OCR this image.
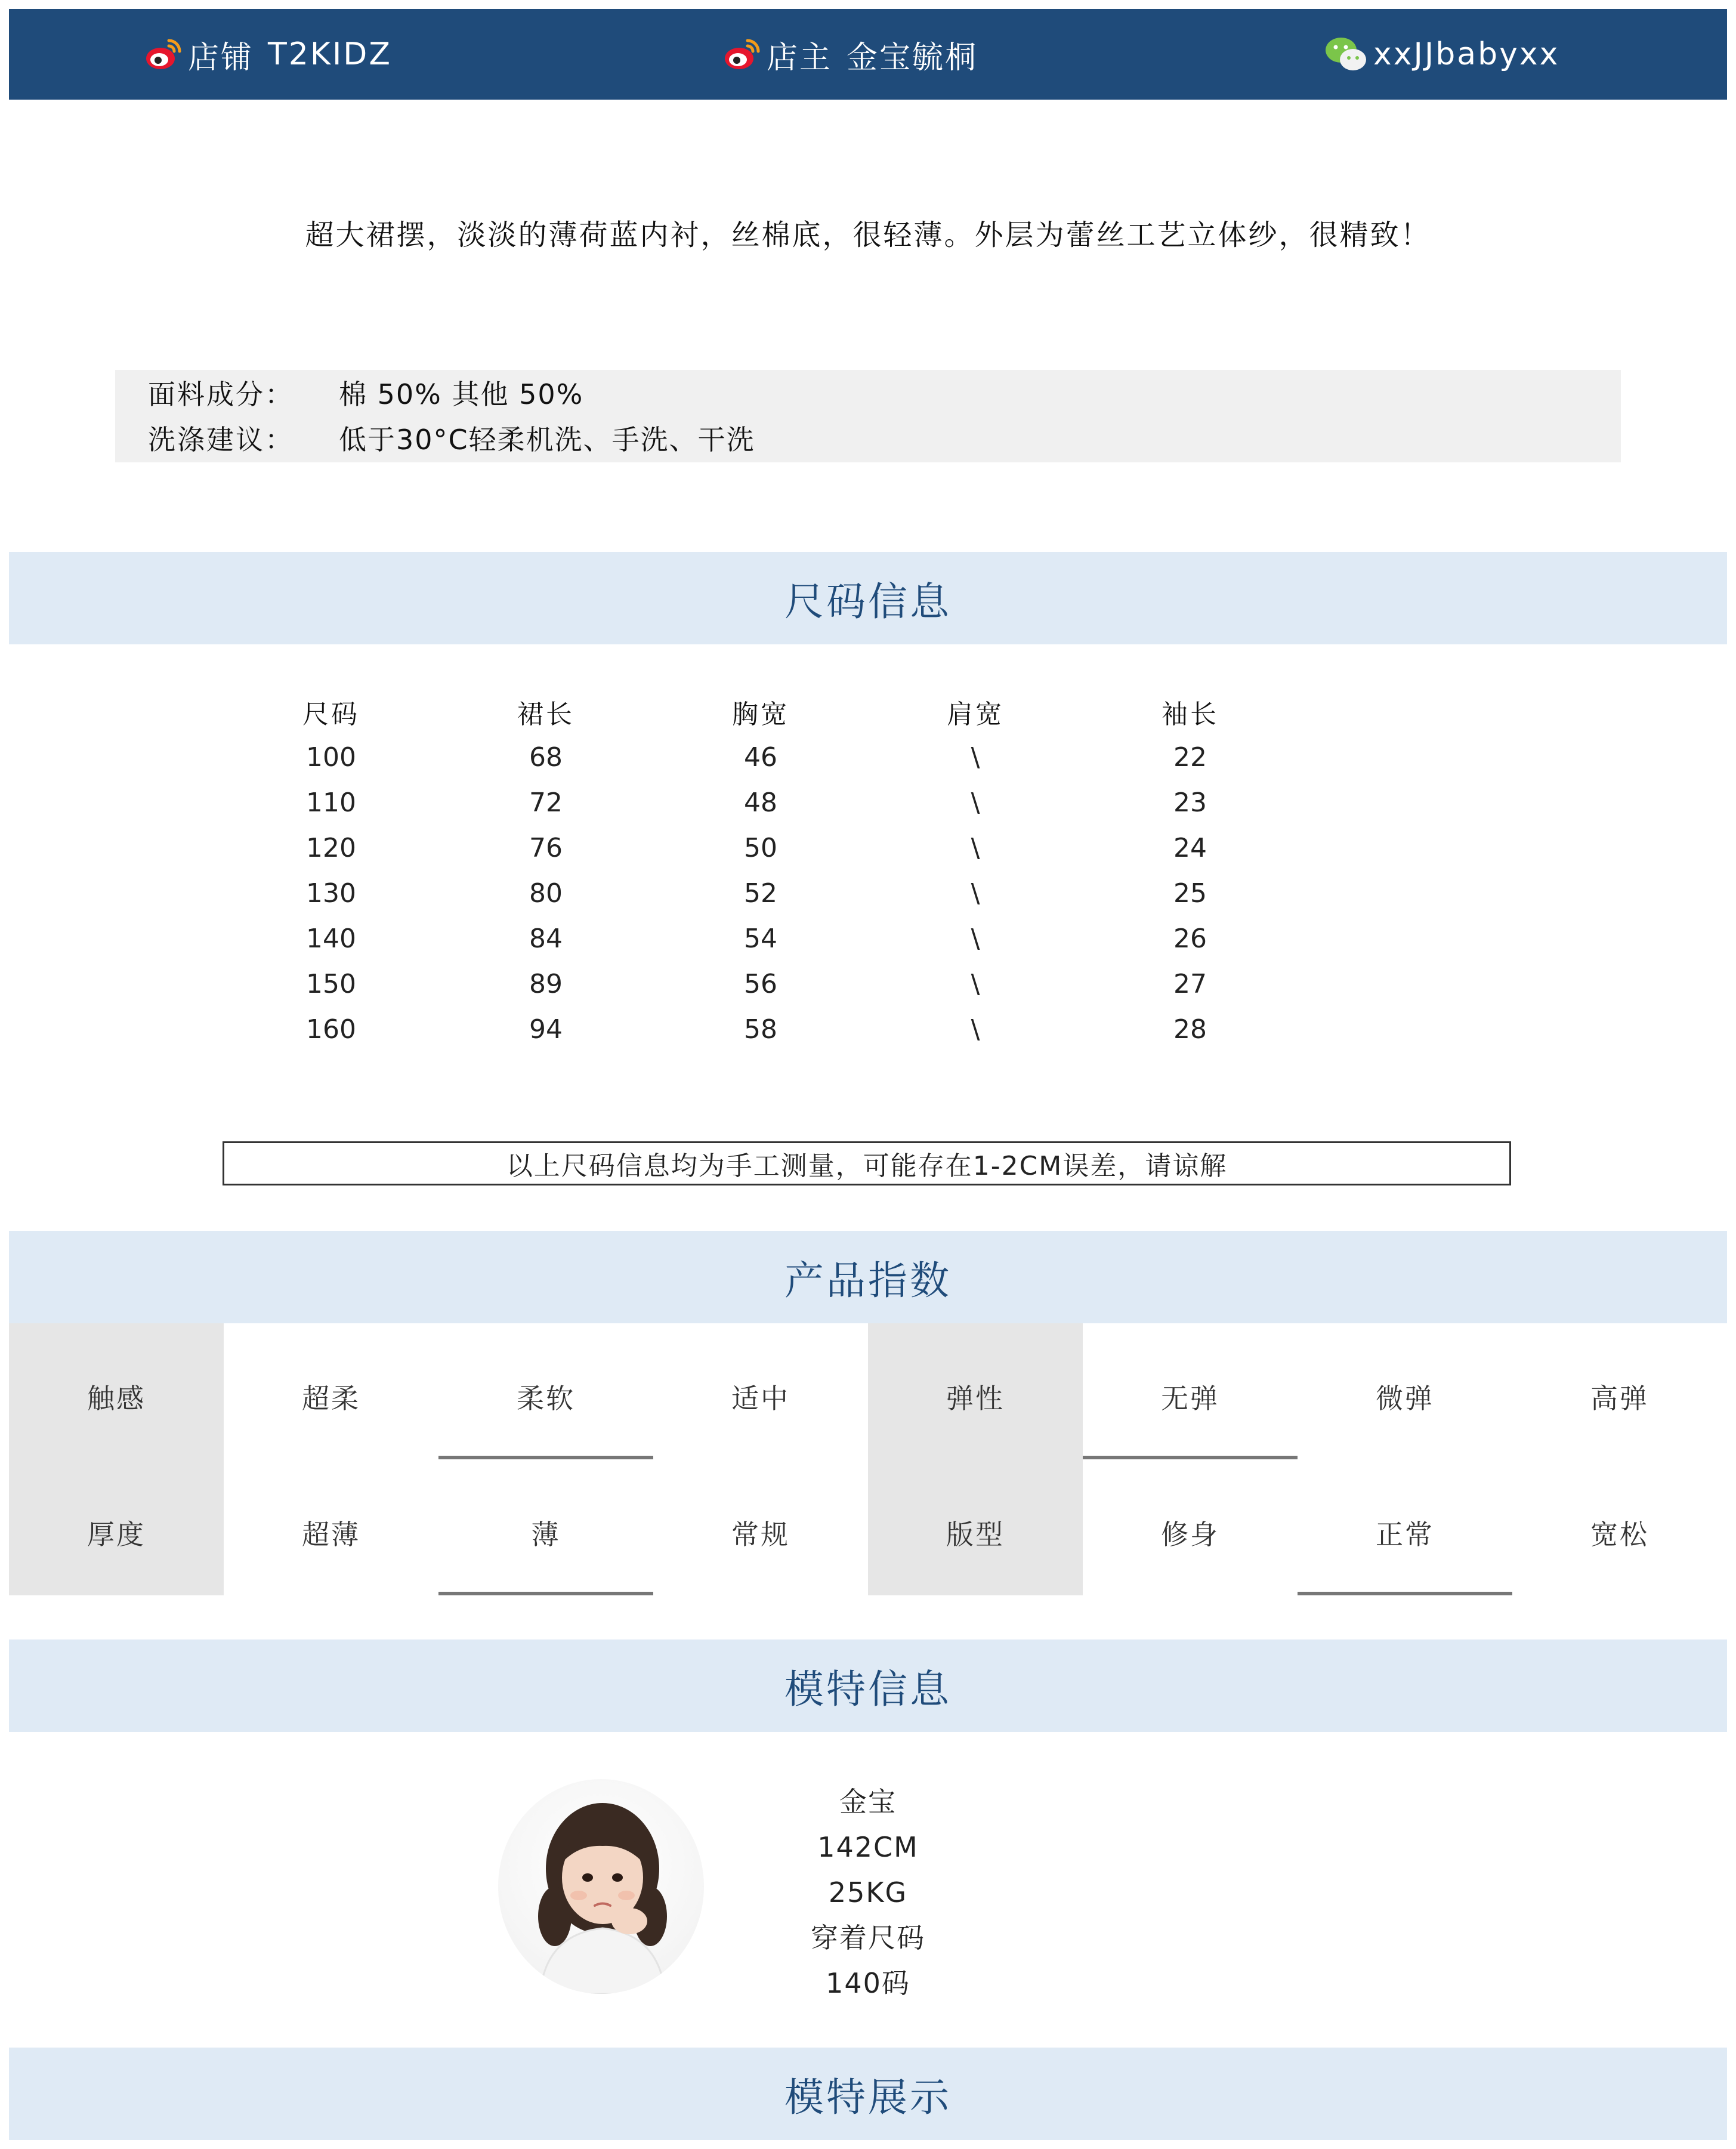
店铺 T2KIDZ	店主 金宝毓桐	xxJJbabyxx
超大裙摆，淡淡的薄荷蓝内衬，丝棉底，很轻薄。外层为蕾丝工艺立体纱，很精致！
面料成分：	棉 50% 其他 50%
洗涤建议：	低于30°C轻柔机洗、手洗、干洗
尺码信息
尺码	裙长	胸宽	肩宽	袖长
100	68	46	\	22
110	72	48	\	23
120	76	50	\	24
130	80	52	\	25
140	84	54	\	26
150	89	56	\	27
160	94	58	\	28
以上尺码信息均为手工测量，可能存在1-2CM误差，请谅解
产品指数
触感	超柔	柔软	适中	弹性	无弹	微弹	高弹
厚度	超薄	薄	常规	版型	修身	正常	宽松
模特信息
金宝
142CM
25KG
穿着尺码
140码
模特展示
